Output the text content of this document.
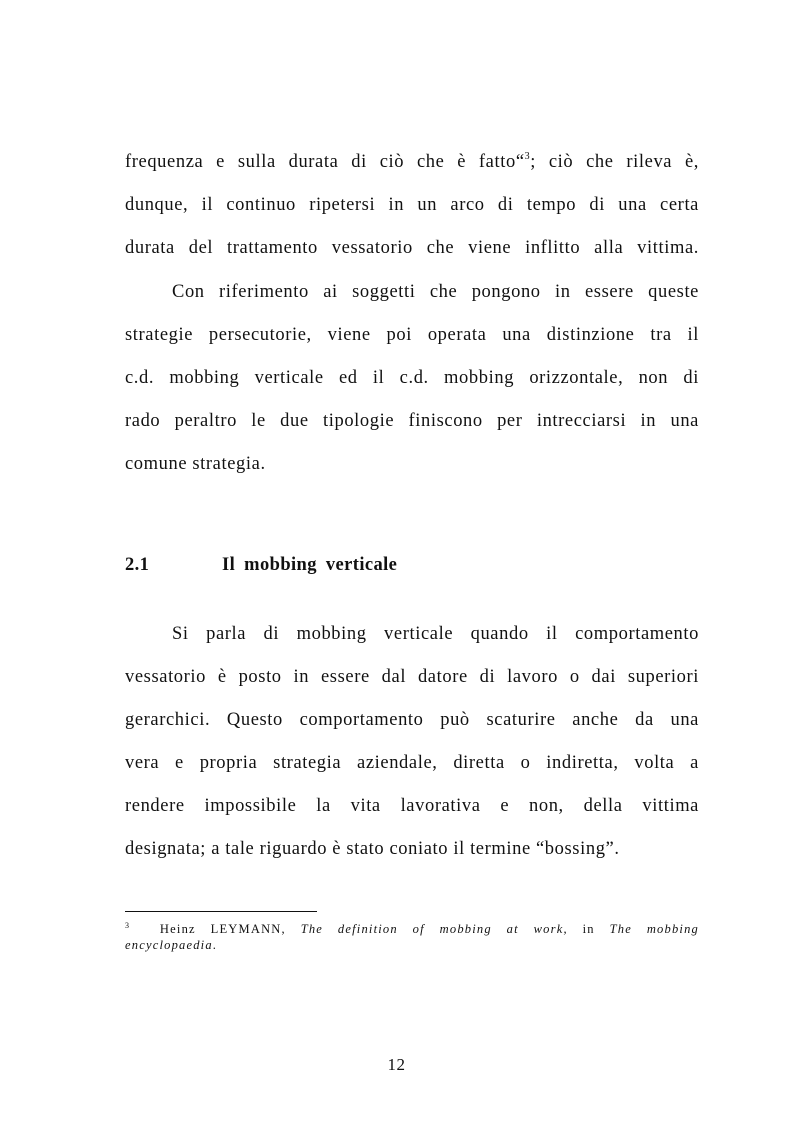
frequenza e sulla durata di ciò che è fatto“$^3$; ciò che rileva è,
dunque, il continuo ripetersi in un arco di tempo di una certa
durata del trattamento vessatorio che viene inflitto alla vittima.
Con riferimento ai soggetti che pongono in essere queste
strategie persecutorie, viene poi operata una distinzione tra il
c.d. mobbing verticale ed il c.d. mobbing orizzontale, non di
rado peraltro le due tipologie finiscono per intrecciarsi in una
comune strategia.
2.1	Il mobbing verticale
Si parla di mobbing verticale quando il comportamento
vessatorio è posto in essere dal datore di lavoro o dai superiori
gerarchici. Questo comportamento può scaturire anche da una
vera e propria strategia aziendale, diretta o indiretta, volta a
rendere impossibile la vita lavorativa e non, della vittima
designata; a tale riguardo è stato coniato il termine “bossing”.
$^3$ Heinz LEYMANN, The definition of mobbing at work, in The mobbing
encyclopaedia.
12
